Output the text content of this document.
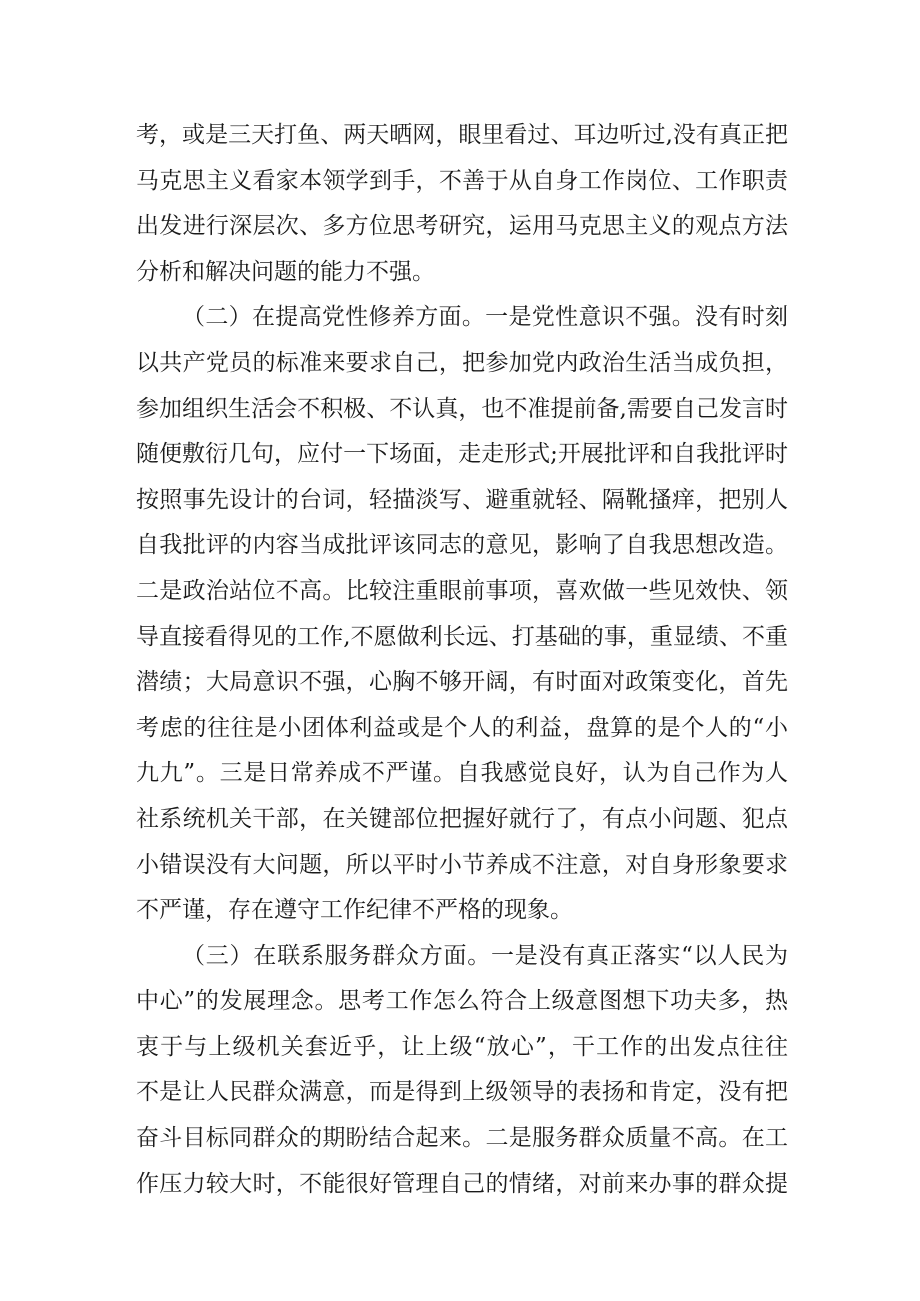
考，或是三天打鱼、两天晒网，眼里看过、耳边听过,没有真正把
马克思主义看家本领学到手，不善于从自身工作岗位、工作职责
出发进行深层次、多方位思考研究，运用马克思主义的观点方法
分析和解决问题的能力不强。
（二）在提高党性修养方面。一是党性意识不强。没有时刻
以共产党员的标准来要求自己，把参加党内政治生活当成负担，
参加组织生活会不积极、不认真，也不准提前备,需要自己发言时
随便敷衍几句，应付一下场面，走走形式;开展批评和自我批评时
按照事先设计的台词，轻描淡写、避重就轻、隔靴搔痒，把别人
自我批评的内容当成批评该同志的意见，影响了自我思想改造。
二是政治站位不高。比较注重眼前事项，喜欢做一些见效快、领
导直接看得见的工作,不愿做利长远、打基础的事，重显绩、不重
潜绩；大局意识不强，心胸不够开阔，有时面对政策变化，首先
考虑的往往是小团体利益或是个人的利益，盘算的是个人的“小
九九”。三是日常养成不严谨。自我感觉良好，认为自己作为人
社系统机关干部，在关键部位把握好就行了，有点小问题、犯点
小错误没有大问题，所以平时小节养成不注意，对自身形象要求
不严谨，存在遵守工作纪律不严格的现象。
（三）在联系服务群众方面。一是没有真正落实“以人民为
中心”的发展理念。思考工作怎么符合上级意图想下功夫多，热
衷于与上级机关套近乎，让上级“放心”，干工作的出发点往往
不是让人民群众满意，而是得到上级领导的表扬和肯定，没有把
奋斗目标同群众的期盼结合起来。二是服务群众质量不高。在工
作压力较大时，不能很好管理自己的情绪，对前来办事的群众提
